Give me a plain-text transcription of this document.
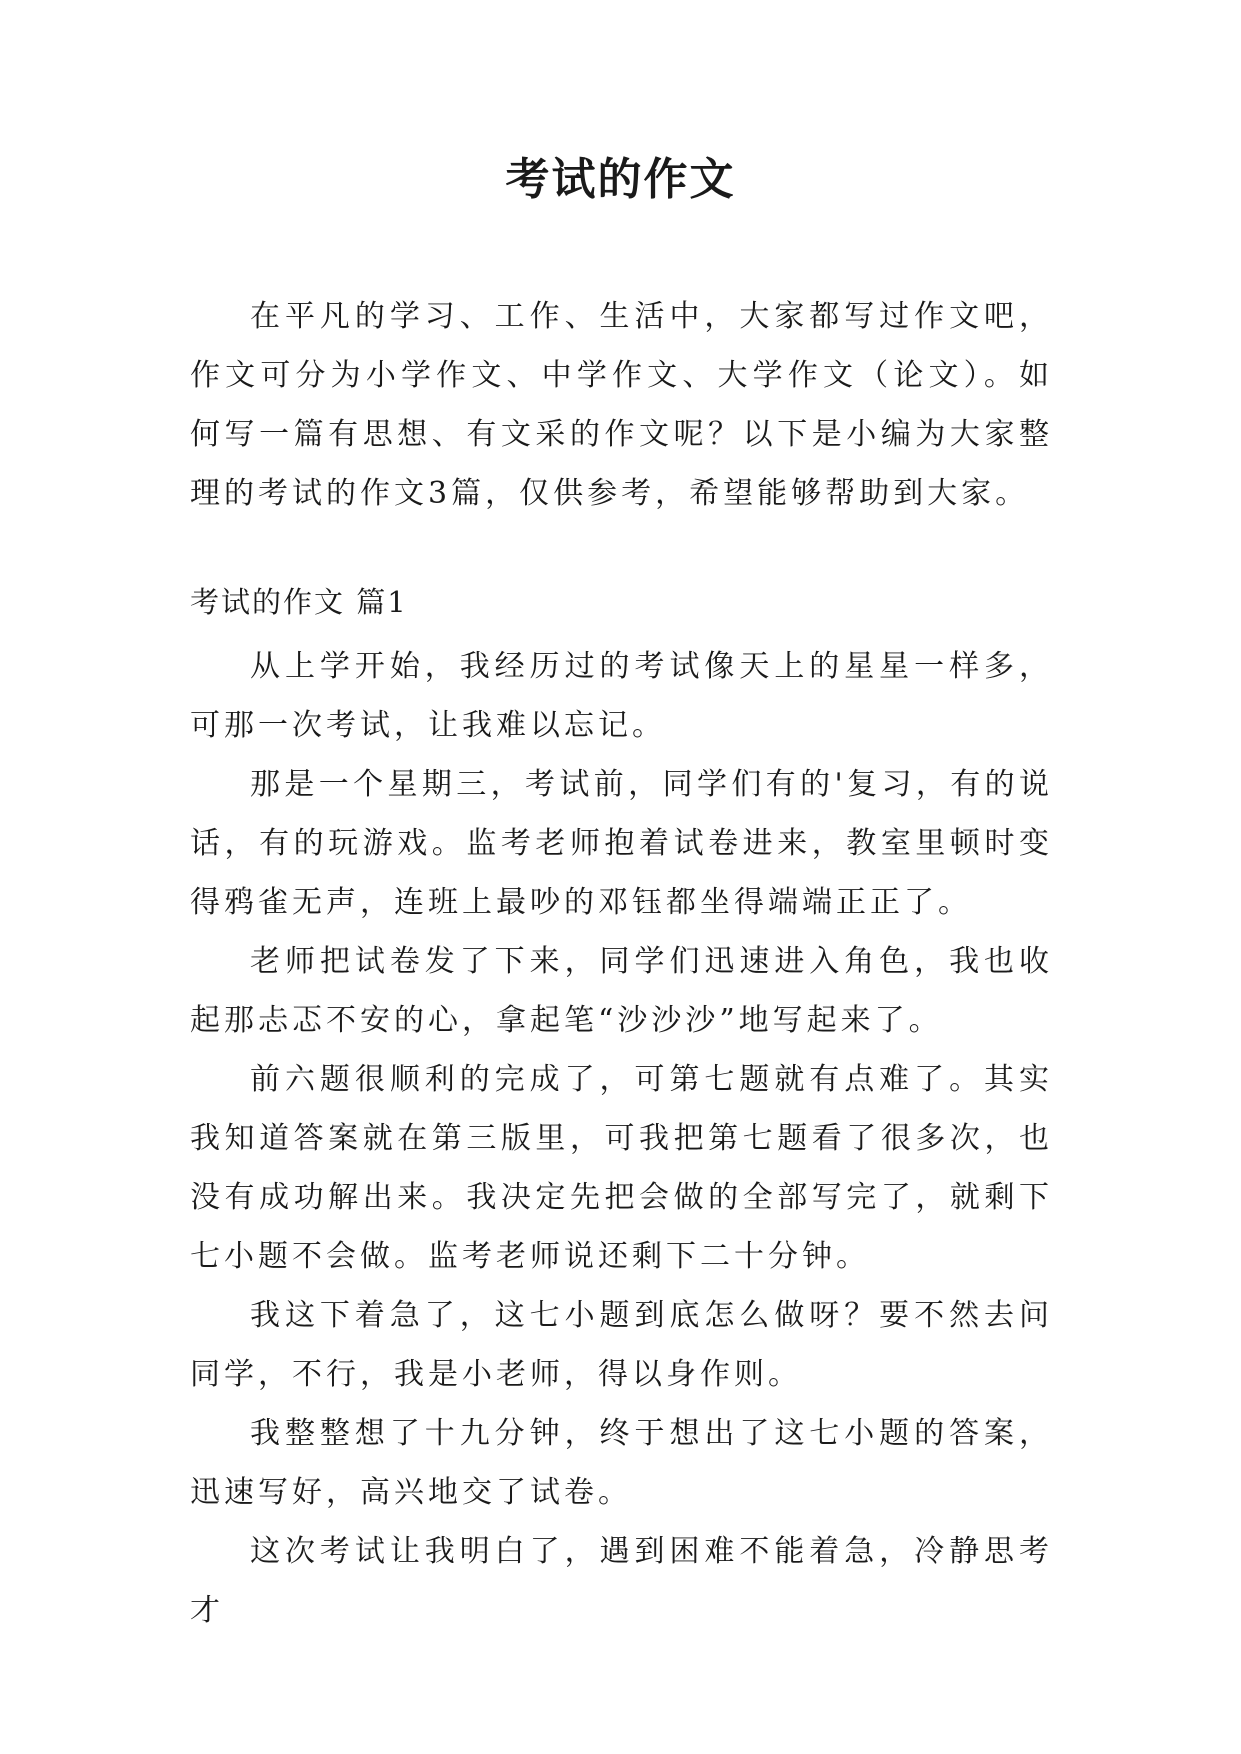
考试的作文

在平凡的学习、工作、生活中，大家都写过作文吧，作文可分为小学作文、中学作文、大学作文（论文）。如何写一篇有思想、有文采的作文呢？以下是小编为大家整理的考试的作文3篇，仅供参考，希望能够帮助到大家。

考试的作文 篇1

从上学开始，我经历过的考试像天上的星星一样多，可那一次考试，让我难以忘记。

那是一个星期三，考试前，同学们有的'复习，有的说话，有的玩游戏。监考老师抱着试卷进来，教室里顿时变得鸦雀无声，连班上最吵的邓钰都坐得端端正正了。

老师把试卷发了下来，同学们迅速进入角色，我也收起那忐忑不安的心，拿起笔“沙沙沙”地写起来了。

前六题很顺利的完成了，可第七题就有点难了。其实我知道答案就在第三版里，可我把第七题看了很多次，也没有成功解出来。我决定先把会做的全部写完了，就剩下七小题不会做。监考老师说还剩下二十分钟。

我这下着急了，这七小题到底怎么做呀？要不然去问同学，不行，我是小老师，得以身作则。

我整整想了十九分钟，终于想出了这七小题的答案，迅速写好，高兴地交了试卷。

这次考试让我明白了，遇到困难不能着急，冷静思考才
